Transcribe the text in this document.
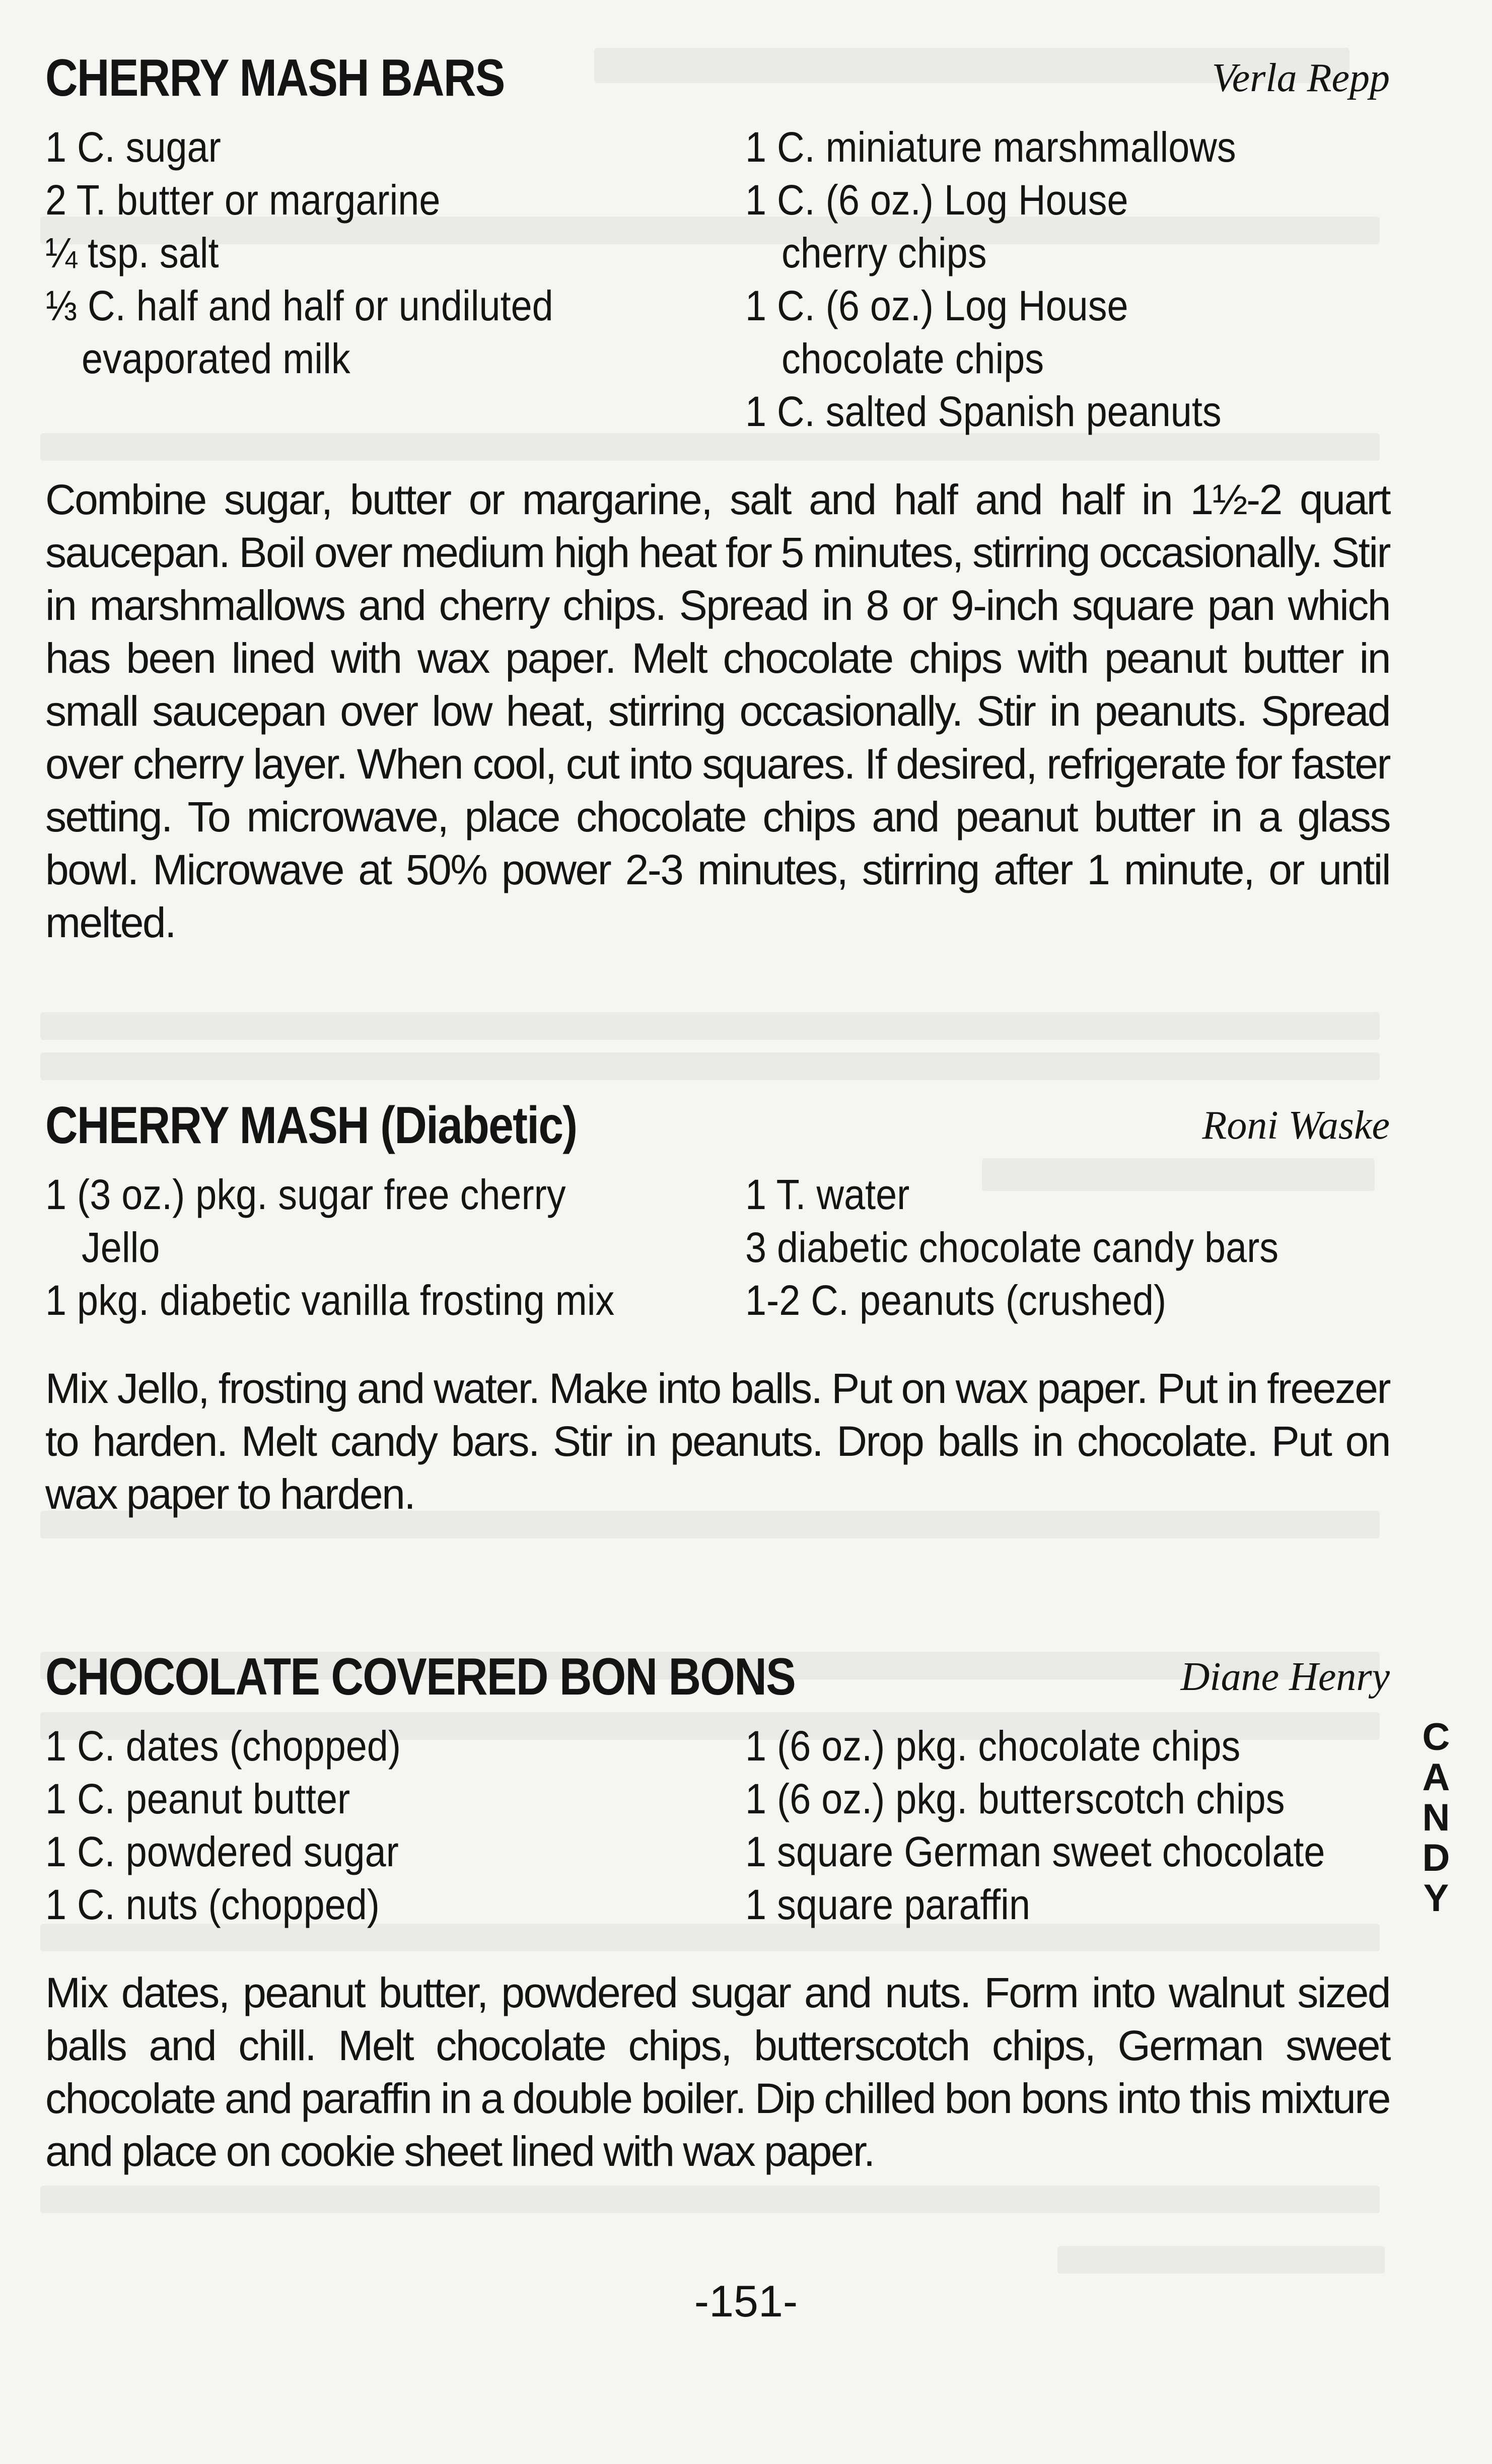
CHERRY MASH BARS	Verla Repp
1 C. sugar
2 T. butter or margarine
¼ tsp. salt
⅓ C. half and half or undiluted evaporated milk
1 C. miniature marshmallows
1 C. (6 oz.) Log House cherry chips
1 C. (6 oz.) Log House chocolate chips
1 C. salted Spanish peanuts

Combine sugar, butter or margarine, salt and half and half in 1½-2 quart saucepan. Boil over medium high heat for 5 minutes, stirring occasionally. Stir in marshmallows and cherry chips. Spread in 8 or 9-inch square pan which has been lined with wax paper. Melt chocolate chips with peanut butter in small saucepan over low heat, stirring occasionally. Stir in peanuts. Spread over cherry layer. When cool, cut into squares. If desired, refrigerate for faster setting. To microwave, place chocolate chips and peanut butter in a glass bowl. Microwave at 50% power 2-3 minutes, stirring after 1 minute, or until melted.

CHERRY MASH (Diabetic)	Roni Waske
1 (3 oz.) pkg. sugar free cherry Jello
1 pkg. diabetic vanilla frosting mix
1 T. water
3 diabetic chocolate candy bars
1-2 C. peanuts (crushed)

Mix Jello, frosting and water. Make into balls. Put on wax paper. Put in freezer to harden. Melt candy bars. Stir in peanuts. Drop balls in chocolate. Put on wax paper to harden.

CHOCOLATE COVERED BON BONS	Diane Henry
1 C. dates (chopped)
1 C. peanut butter
1 C. powdered sugar
1 C. nuts (chopped)
1 (6 oz.) pkg. chocolate chips
1 (6 oz.) pkg. butterscotch chips
1 square German sweet chocolate
1 square paraffin

Mix dates, peanut butter, powdered sugar and nuts. Form into walnut sized balls and chill. Melt chocolate chips, butterscotch chips, German sweet chocolate and paraffin in a double boiler. Dip chilled bon bons into this mixture and place on cookie sheet lined with wax paper.

C
A
N
D
Y
-151-
